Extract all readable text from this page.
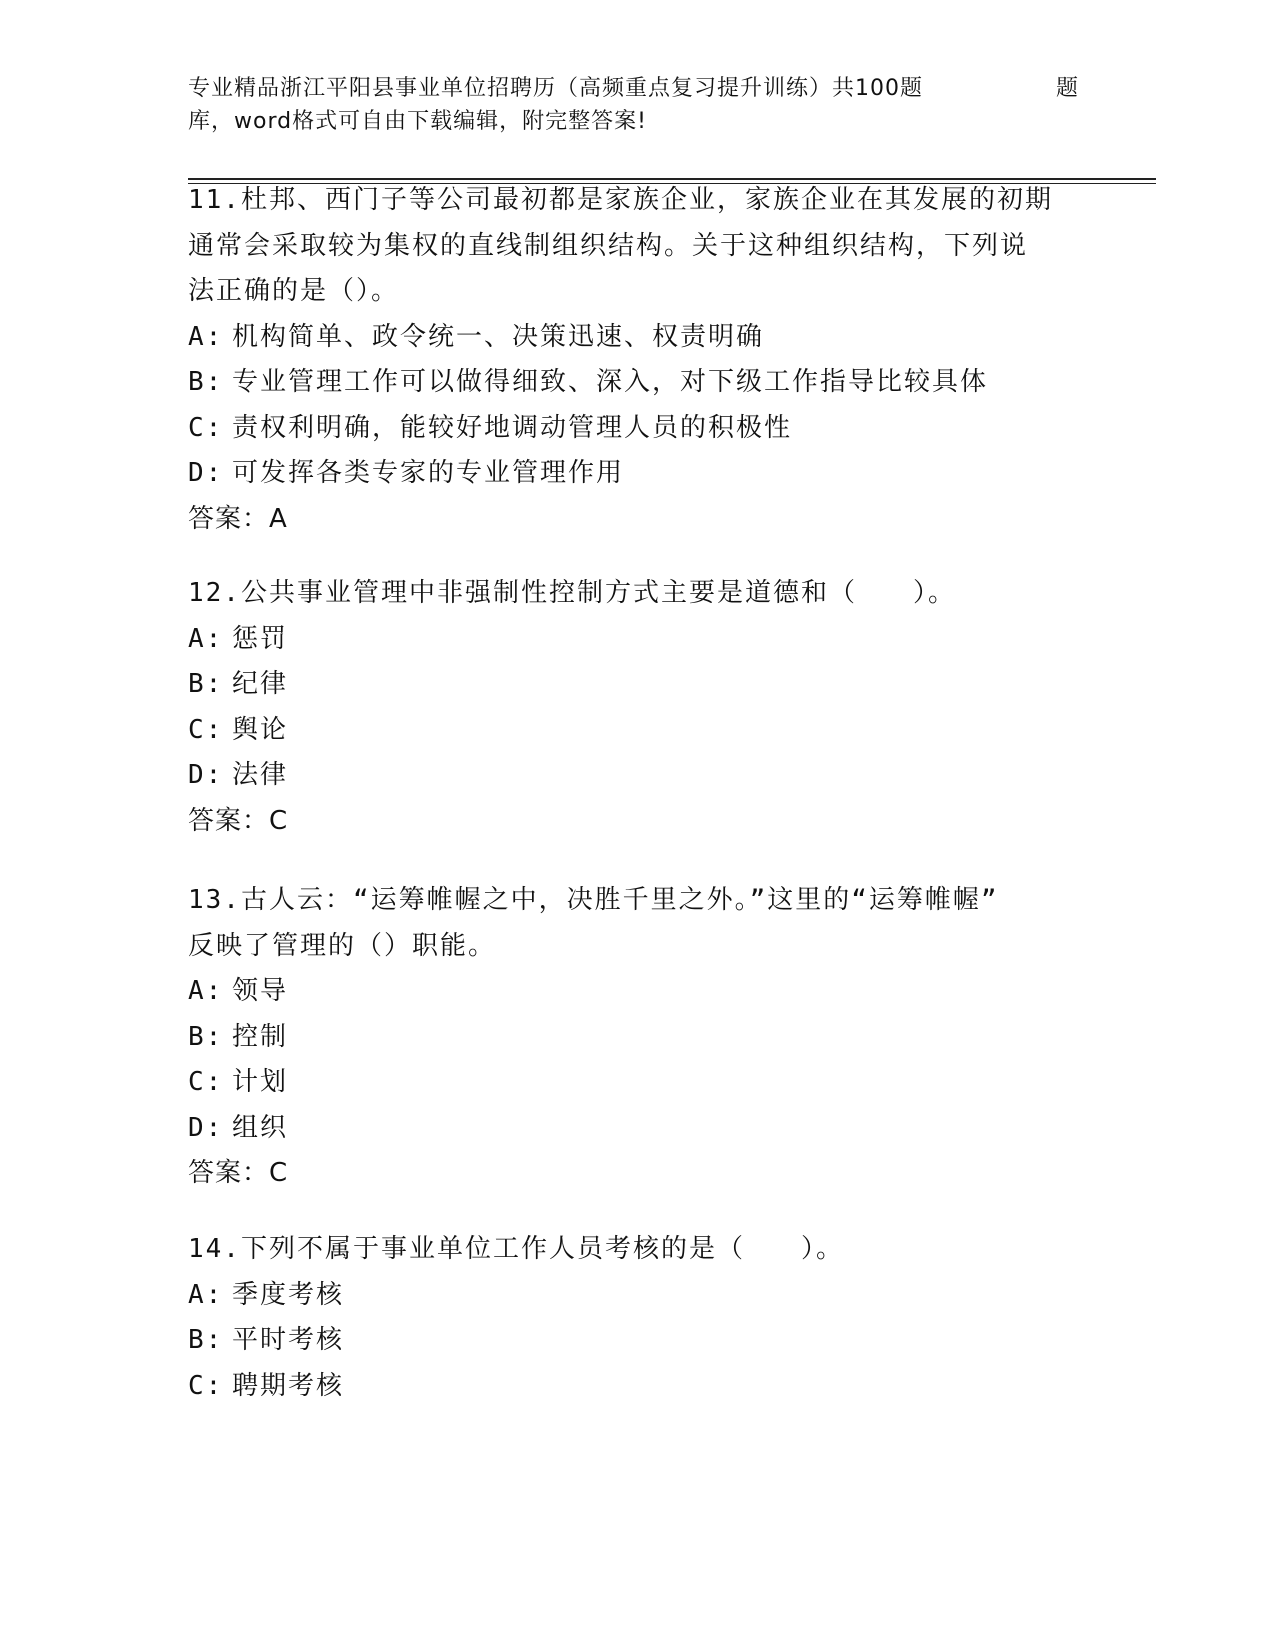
专业精品浙江平阳县事业单位招聘历（高频重点复习提升训练）共100题	题
库，word格式可自由下载编辑，附完整答案!
11.杜邦、西门子等公司最初都是家族企业，家族企业在其发展的初期
通常会采取较为集权的直线制组织结构。关于这种组织结构，下列说
法正确的是（）。
A: 机构简单、政令统一、决策迅速、权责明确
B: 专业管理工作可以做得细致、深入，对下级工作指导比较具体
C: 责权利明确，能较好地调动管理人员的积极性
D: 可发挥各类专家的专业管理作用
答案：A
12.公共事业管理中非强制性控制方式主要是道德和（　　）。
A: 惩罚
B: 纪律
C: 舆论
D: 法律
答案：C
13.古人云：“运筹帷幄之中，决胜千里之外。”这里的“运筹帷幄”
反映了管理的（）职能。
A: 领导
B: 控制
C: 计划
D: 组织
答案：C
14.下列不属于事业单位工作人员考核的是（　　）。
A: 季度考核
B: 平时考核
C: 聘期考核
